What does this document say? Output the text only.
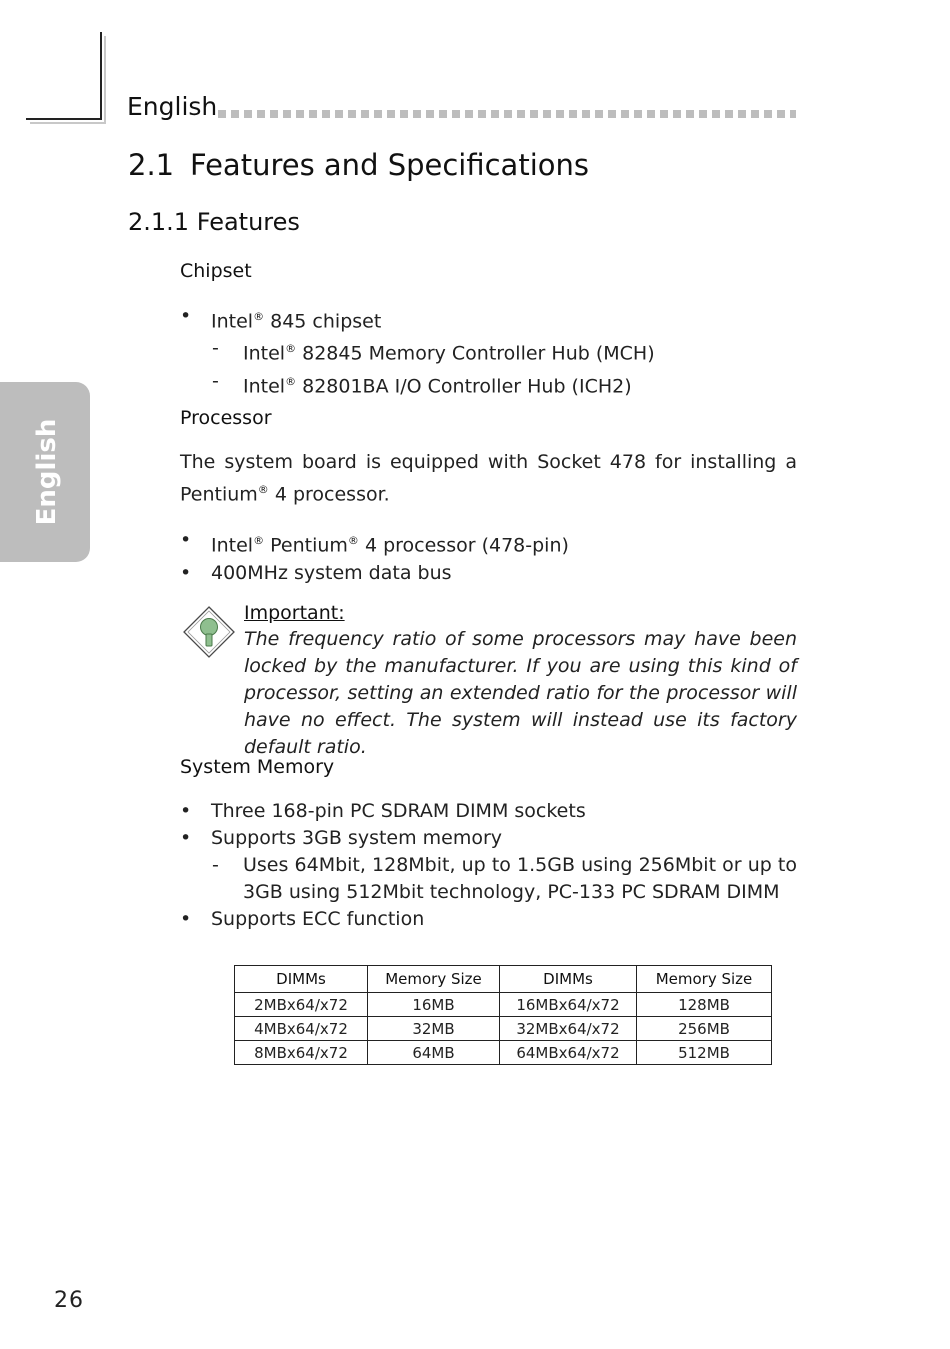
English
English
2.1 Features and Specifications
2.1.1 Features
Chipset
• Intel® 845 chipset
- Intel® 82845 Memory Controller Hub (MCH)
- Intel® 82801BA I/O Controller Hub (ICH2)
Processor
The system board is equipped with Socket 478 for installing a Pentium® 4 processor.
• Intel® Pentium® 4 processor (478-pin)
• 400MHz system data bus
Important:
The frequency ratio of some processors may have been locked by the manufacturer. If you are using this kind of processor, setting an extended ratio for the processor will have no effect. The system will instead use its factory default ratio.
System Memory
• Three 168-pin PC SDRAM DIMM sockets
• Supports 3GB system memory
- Uses 64Mbit, 128Mbit, up to 1.5GB using 256Mbit or up to 3GB using 512Mbit technology, PC-133 PC SDRAM DIMM
• Supports ECC function
DIMMs	Memory Size	DIMMs	Memory Size
2MBx64/x72	16MB	16MBx64/x72	128MB
4MBx64/x72	32MB	32MBx64/x72	256MB
8MBx64/x72	64MB	64MBx64/x72	512MB
26
